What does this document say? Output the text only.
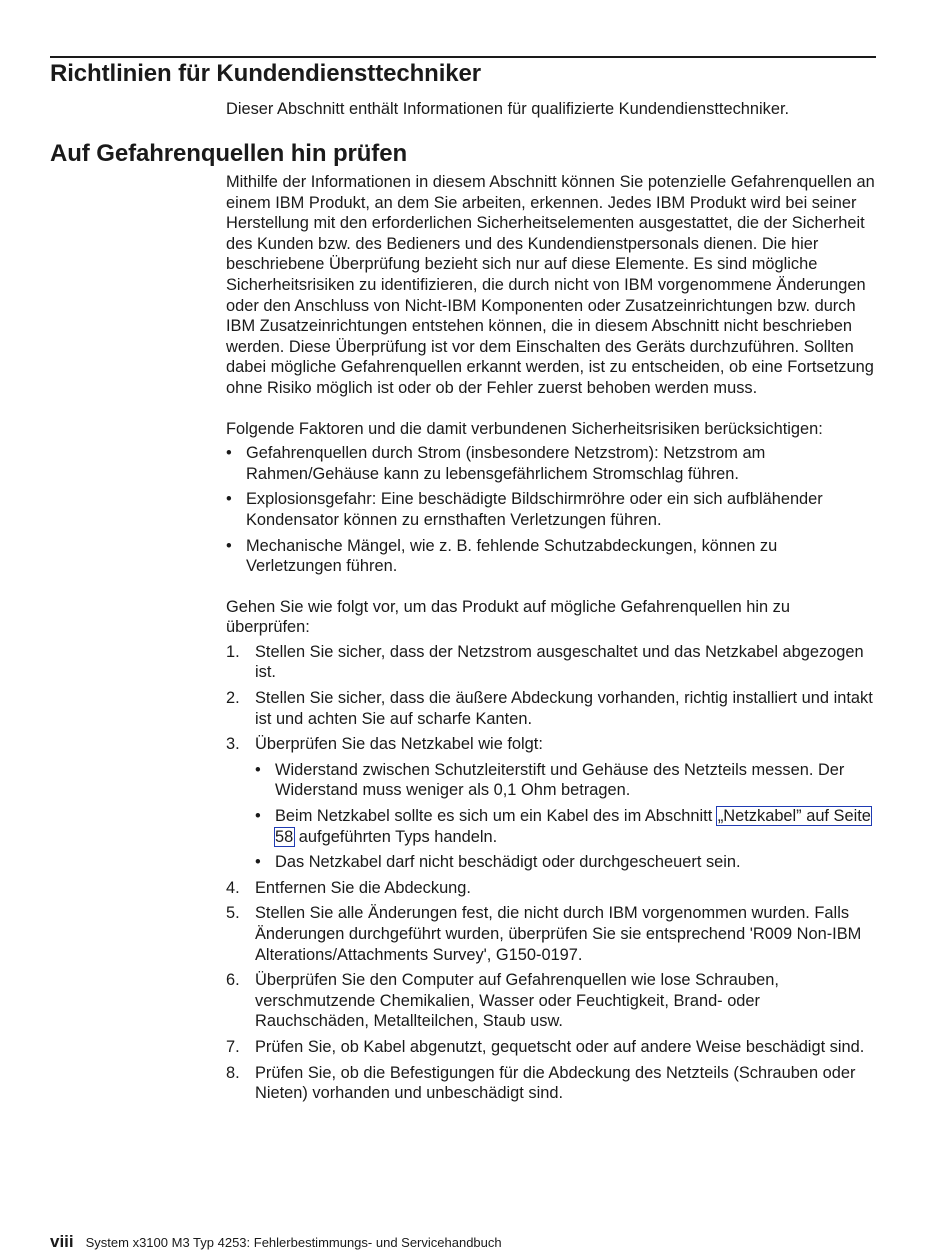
Richtlinien für Kundendiensttechniker

Dieser Abschnitt enthält Informationen für qualifizierte Kundendiensttechniker.

Auf Gefahrenquellen hin prüfen

Mithilfe der Informationen in diesem Abschnitt können Sie potenzielle Gefahrenquellen an einem IBM Produkt, an dem Sie arbeiten, erkennen. Jedes IBM Produkt wird bei seiner Herstellung mit den erforderlichen Sicherheitselementen ausgestattet, die der Sicherheit des Kunden bzw. des Bedieners und des Kundendienstpersonals dienen. Die hier beschriebene Überprüfung bezieht sich nur auf diese Elemente. Es sind mögliche Sicherheitsrisiken zu identifizieren, die durch nicht von IBM vorgenommene Änderungen oder den Anschluss von Nicht-IBM Komponenten oder Zusatzeinrichtungen bzw. durch IBM Zusatzeinrichtungen entstehen können, die in diesem Abschnitt nicht beschrieben werden. Diese Überprüfung ist vor dem Einschalten des Geräts durchzuführen. Sollten dabei mögliche Gefahrenquellen erkannt werden, ist zu entscheiden, ob eine Fortsetzung ohne Risiko möglich ist oder ob der Fehler zuerst behoben werden muss.

Folgende Faktoren und die damit verbundenen Sicherheitsrisiken berücksichtigen:

• Gefahrenquellen durch Strom (insbesondere Netzstrom): Netzstrom am Rahmen/Gehäuse kann zu lebensgefährlichem Stromschlag führen.
• Explosionsgefahr: Eine beschädigte Bildschirmröhre oder ein sich aufblähender Kondensator können zu ernsthaften Verletzungen führen.
• Mechanische Mängel, wie z. B. fehlende Schutzabdeckungen, können zu Verletzungen führen.

Gehen Sie wie folgt vor, um das Produkt auf mögliche Gefahrenquellen hin zu überprüfen:

1. Stellen Sie sicher, dass der Netzstrom ausgeschaltet und das Netzkabel abgezogen ist.
2. Stellen Sie sicher, dass die äußere Abdeckung vorhanden, richtig installiert und intakt ist und achten Sie auf scharfe Kanten.
3. Überprüfen Sie das Netzkabel wie folgt:
• Widerstand zwischen Schutzleiterstift und Gehäuse des Netzteils messen. Der Widerstand muss weniger als 0,1 Ohm betragen.
• Beim Netzkabel sollte es sich um ein Kabel des im Abschnitt „Netzkabel” auf Seite 58 aufgeführten Typs handeln.
• Das Netzkabel darf nicht beschädigt oder durchgescheuert sein.
4. Entfernen Sie die Abdeckung.
5. Stellen Sie alle Änderungen fest, die nicht durch IBM vorgenommen wurden. Falls Änderungen durchgeführt wurden, überprüfen Sie sie entsprechend 'R009 Non-IBM Alterations/Attachments Survey', G150-0197.
6. Überprüfen Sie den Computer auf Gefahrenquellen wie lose Schrauben, verschmutzende Chemikalien, Wasser oder Feuchtigkeit, Brand- oder Rauchschäden, Metallteilchen, Staub usw.
7. Prüfen Sie, ob Kabel abgenutzt, gequetscht oder auf andere Weise beschädigt sind.
8. Prüfen Sie, ob die Befestigungen für die Abdeckung des Netzteils (Schrauben oder Nieten) vorhanden und unbeschädigt sind.
viii System x3100 M3 Typ 4253: Fehlerbestimmungs- und Servicehandbuch
